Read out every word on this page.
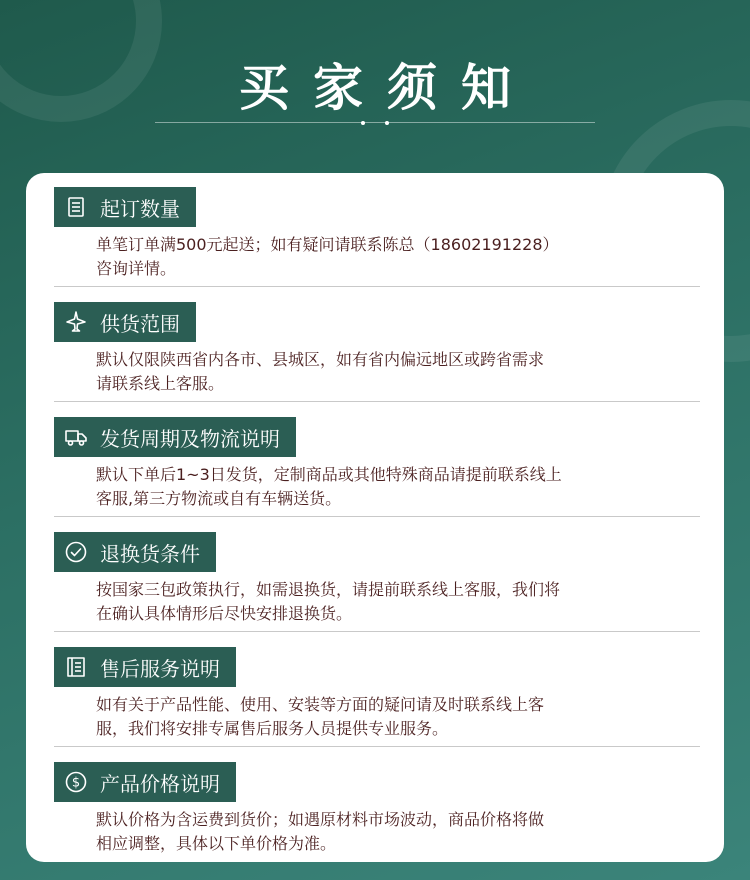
买家须知
起订数量
单笔订单满500元起送；如有疑问请联系陈总（18602191228）
咨询详情。
供货范围
默认仅限陕西省内各市、县城区，如有省内偏远地区或跨省需求
请联系线上客服。
发货周期及物流说明
默认下单后1~3日发货，定制商品或其他特殊商品请提前联系线上
客服,第三方物流或自有车辆送货。
退换货条件
按国家三包政策执行，如需退换货，请提前联系线上客服，我们将
在确认具体情形后尽快安排退换货。
售后服务说明
如有关于产品性能、使用、安装等方面的疑问请及时联系线上客
服，我们将安排专属售后服务人员提供专业服务。
$ 产品价格说明
默认价格为含运费到货价；如遇原材料市场波动，商品价格将做
相应调整，具体以下单价格为准。
